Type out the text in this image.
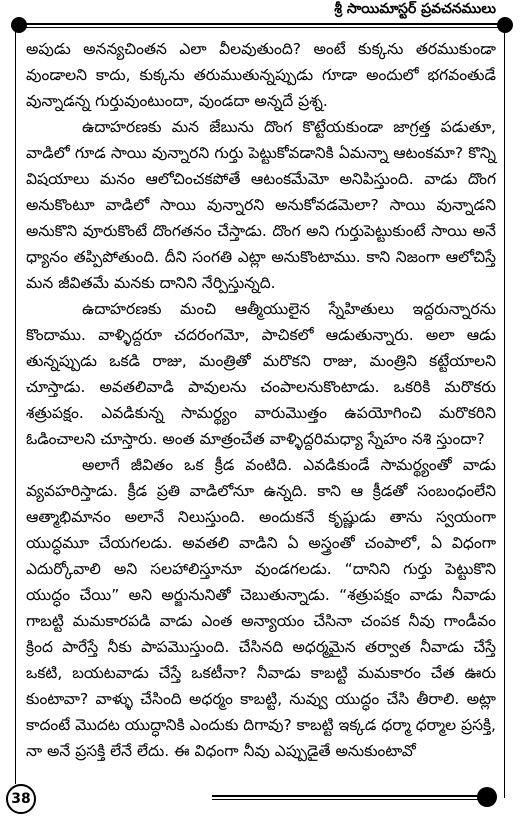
శ్రీ సాయిమాస్టర్ ప్రవచనములు

అపుడు అనన్యచింతన ఎలా వీలవుతుంది? అంటే కుక్కను తరముకుండా వుండాలని కాదు, కుక్కను తరుముతున్నప్పుడు గూడా అందులో భగవంతుడే వున్నాడన్న గుర్తువుంటుందా, వుండదా అన్నదే ప్రశ్న.

ఉదాహరణకు మన జేబును దొంగ కొట్టేయకుండా జాగ్రత్త పడుతూ, వాడిలో గూడ సాయి వున్నారని గుర్తు పెట్టుకోవడానికి ఏమన్నా ఆటంకమా? కొన్ని విషయాలు మనం ఆలోచించకపోతే ఆటంకమేమో అనిపిస్తుంది. వాడు దొంగ అనుకొంటూ వాడిలో సాయి వున్నారని అనుకోవడమెలా? సాయి వున్నాడని అనుకొని వూరుకొంటే దొంగతనం చేస్తాడు. దొంగ అని గుర్తుపెట్టుకుంటే సాయి అనే ధ్యానం తప్పిపోతుంది. దీని సంగతి ఎట్లా అనుకొంటాము. కాని నిజంగా ఆలోచిస్తే మన జీవితమే మనకు దానిని నేర్పిస్తున్నది.

ఉదాహరణకు మంచి ఆత్మీయులైన స్నేహితులు ఇద్దరున్నారను కొందాము. వాళ్ళిద్దరూ చదరంగమో, పాచికలో ఆడుతున్నారు. అలా ఆడు తున్నప్పుడు ఒకడి రాజు, మంత్రితో మరొకని రాజు, మంత్రిని కట్టేయాలని చూస్తాడు. అవతలివాడి పావులను చంపాలనుకొంటాడు. ఒకరికి మరొకరు శత్రుపక్షం. ఎవడికున్న సామర్థ్యం వారుమొత్తం ఉపయోగించి మరొకరిని ఓడించాలని చూస్తారు. అంత మాత్రంచేత వాళ్ళిద్దరిమధ్యా స్నేహం నశి స్తుందా?

అలాగే జీవితం ఒక క్రీడ వంటిది. ఎవడికుండే సామర్థ్యంతో వాడు వ్యవహరిస్తాడు. క్రీడ ప్రతి వాడిలోనూ ఉన్నది. కాని ఆ క్రీడతో సంబంధంలేని ఆత్మాభిమానం అలానే నిలుస్తుంది. అందుకనే కృష్ణుడు తాను స్వయంగా యుద్ధమూ చేయగలడు. అవతలి వాడిని ఏ అస్త్రంతో చంపాలో, ఏ విధంగా ఎదుర్కోవాలి అని సలహాలిస్తూనూ వుండగలడు. “దానిని గుర్తు పెట్టుకొని యుద్ధం చేయి” అని అర్జునునితో చెబుతున్నాడు. “శత్రుపక్షం వాడు నీవాడు గాబట్టి మమకారపడి వాడు ఎంత అన్యాయం చేసినా చంపక నీవు గాండీవం క్రింద పారేస్తే నీకు పాపమొస్తుంది. చేసినది అధర్మమైన తర్వాత నీవాడు చేస్తే ఒకటి, బయటవాడు చేస్తే ఒకటీనా? నీవాడు కాబట్టి మమకారం చేత ఊరు కుంటావా? వాళ్ళు చేసింది అధర్మం కాబట్టి, నువ్వు యుద్ధం చేసి తీరాలి. అట్లా కాదంటే మొదట యుద్ధానికి ఎందుకు దిగావు? కాబట్టి ఇక్కడ ధర్మా ధర్మాల ప్రసక్తి, నా అనే ప్రసక్తి లేనే లేదు. ఈ విధంగా నీవు ఎప్పుడైతే అనుకుంటావో

38
